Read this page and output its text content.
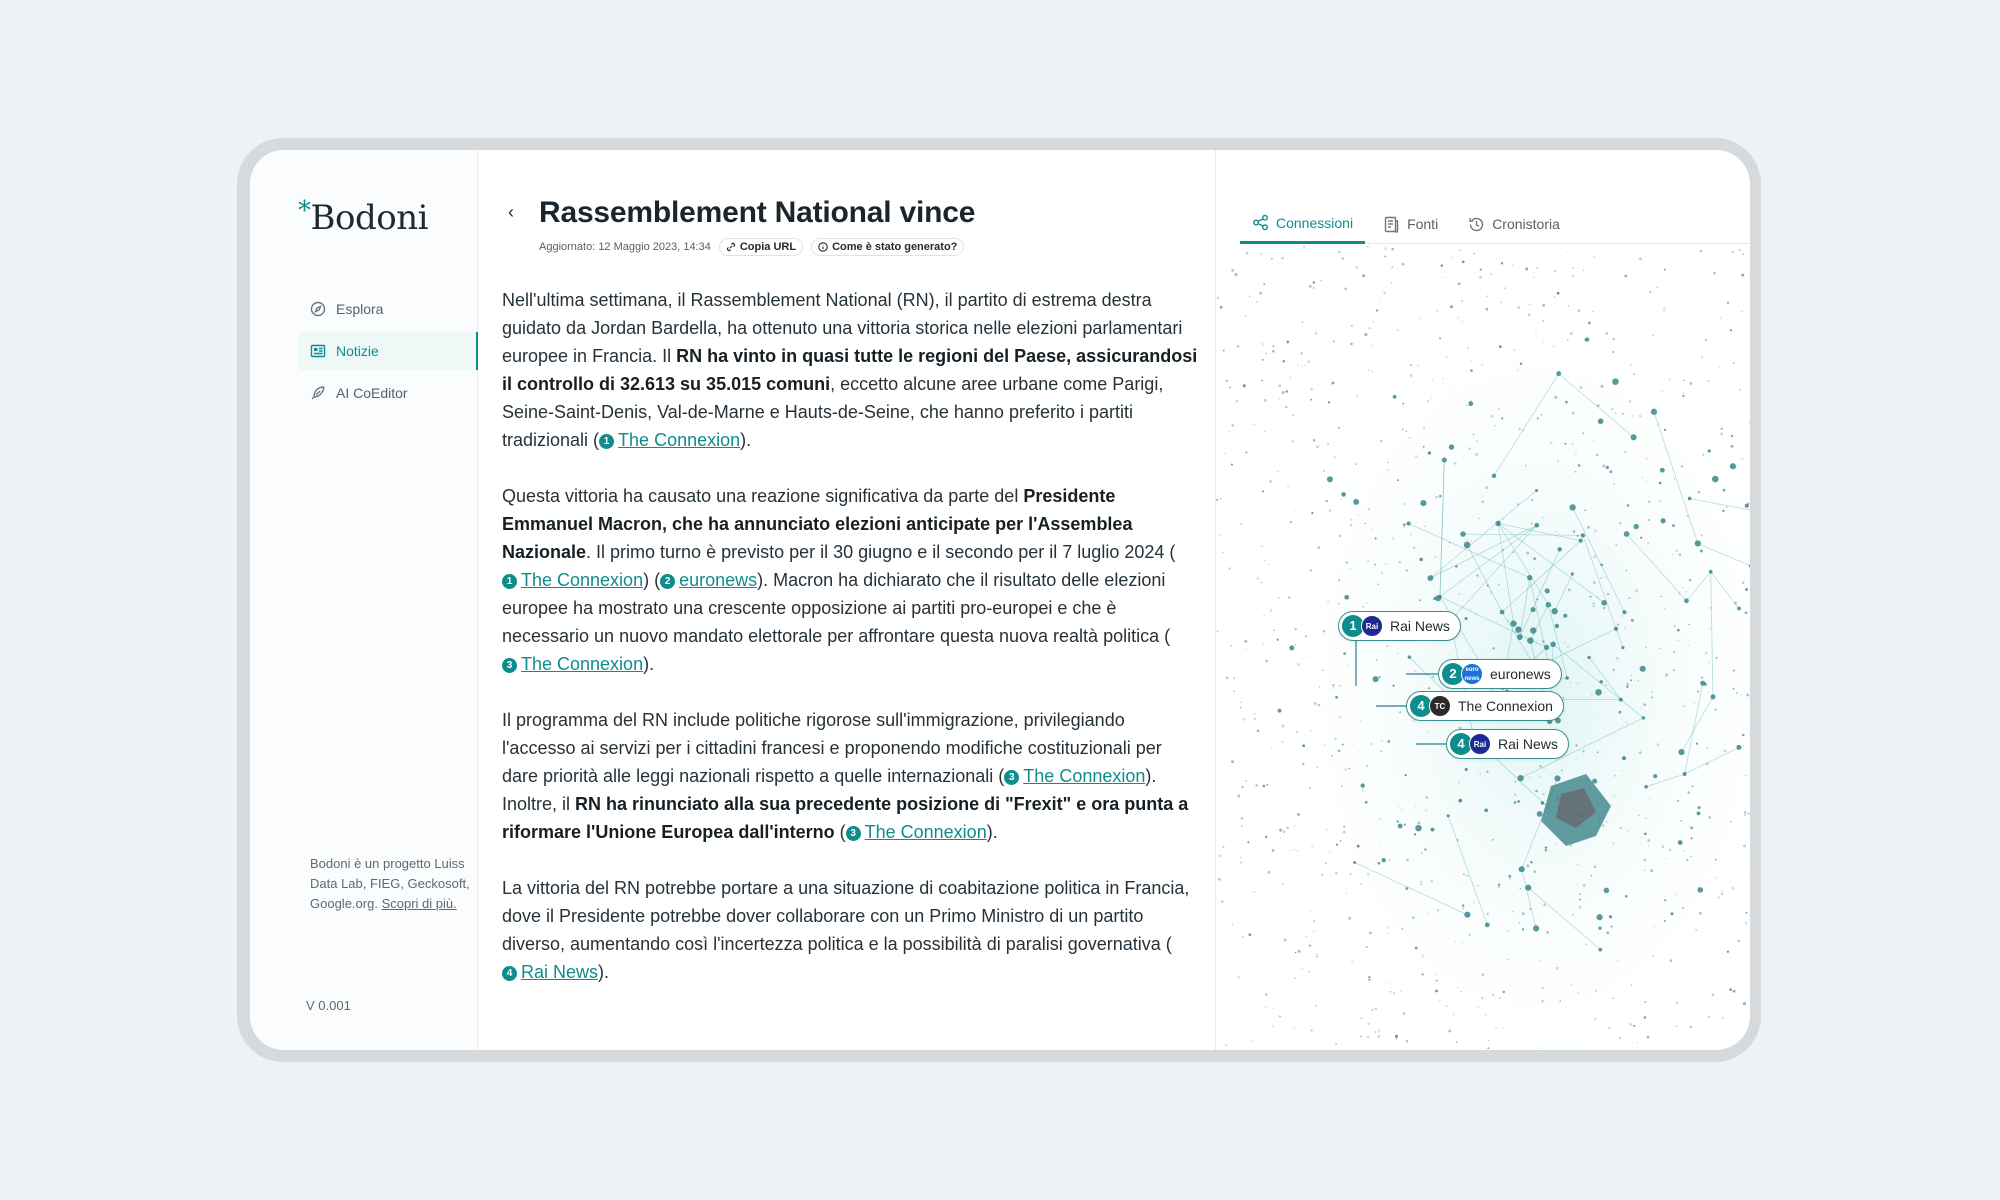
*Bodoni
Esplora
Notizie
AI CoEditor
Bodoni è un progetto Luiss Data Lab, FIEG, Geckosoft, Google.org. Scopri di più.
V 0.001
‹ Rassemblement National vince
Aggiornato: 12 Maggio 2023, 14:34	Copia URL	Come è stato generato?

Nell'ultima settimana, il Rassemblement National (RN), il partito di estrema destra guidato da Jordan Bardella, ha ottenuto una vittoria storica nelle elezioni parlamentari europee in Francia. Il RN ha vinto in quasi tutte le regioni del Paese, assicurandosi il controllo di 32.613 su 35.015 comuni, eccetto alcune aree urbane come Parigi, Seine-Saint-Denis, Val-de-Marne e Hauts-de-Seine, che hanno preferito i partiti tradizionali ( 1 The Connexion).

Questa vittoria ha causato una reazione significativa da parte del Presidente Emmanuel Macron, che ha annunciato elezioni anticipate per l'Assemblea Nazionale. Il primo turno è previsto per il 30 giugno e il secondo per il 7 luglio 2024 (1 The Connexion) ( 2 euronews). Macron ha dichiarato che il risultato delle elezioni europee ha mostrato una crescente opposizione ai partiti pro-europei e che è necessario un nuovo mandato elettorale per affrontare questa nuova realtà politica (3 The Connexion).

Il programma del RN include politiche rigorose sull'immigrazione, privilegiando l'accesso ai servizi per i cittadini francesi e proponendo modifiche costituzionali per dare priorità alle leggi nazionali rispetto a quelle internazionali ( 3 The Connexion). Inoltre, il RN ha rinunciato alla sua precedente posizione di "Frexit" e ora punta a riformare l'Unione Europea dall'interno ( 3 The Connexion).

La vittoria del RN potrebbe portare a una situazione di coabitazione politica in Francia, dove il Presidente potrebbe dover collaborare con un Primo Ministro di un partito diverso, aumentando così l'incertezza politica e la possibilità di paralisi governativa (4 Rai News).

Connessioni	Fonti	Cronistoria
1	Rai Rai News
2	euro news euronews
4	TC The Connexion
4	Rai Rai News
